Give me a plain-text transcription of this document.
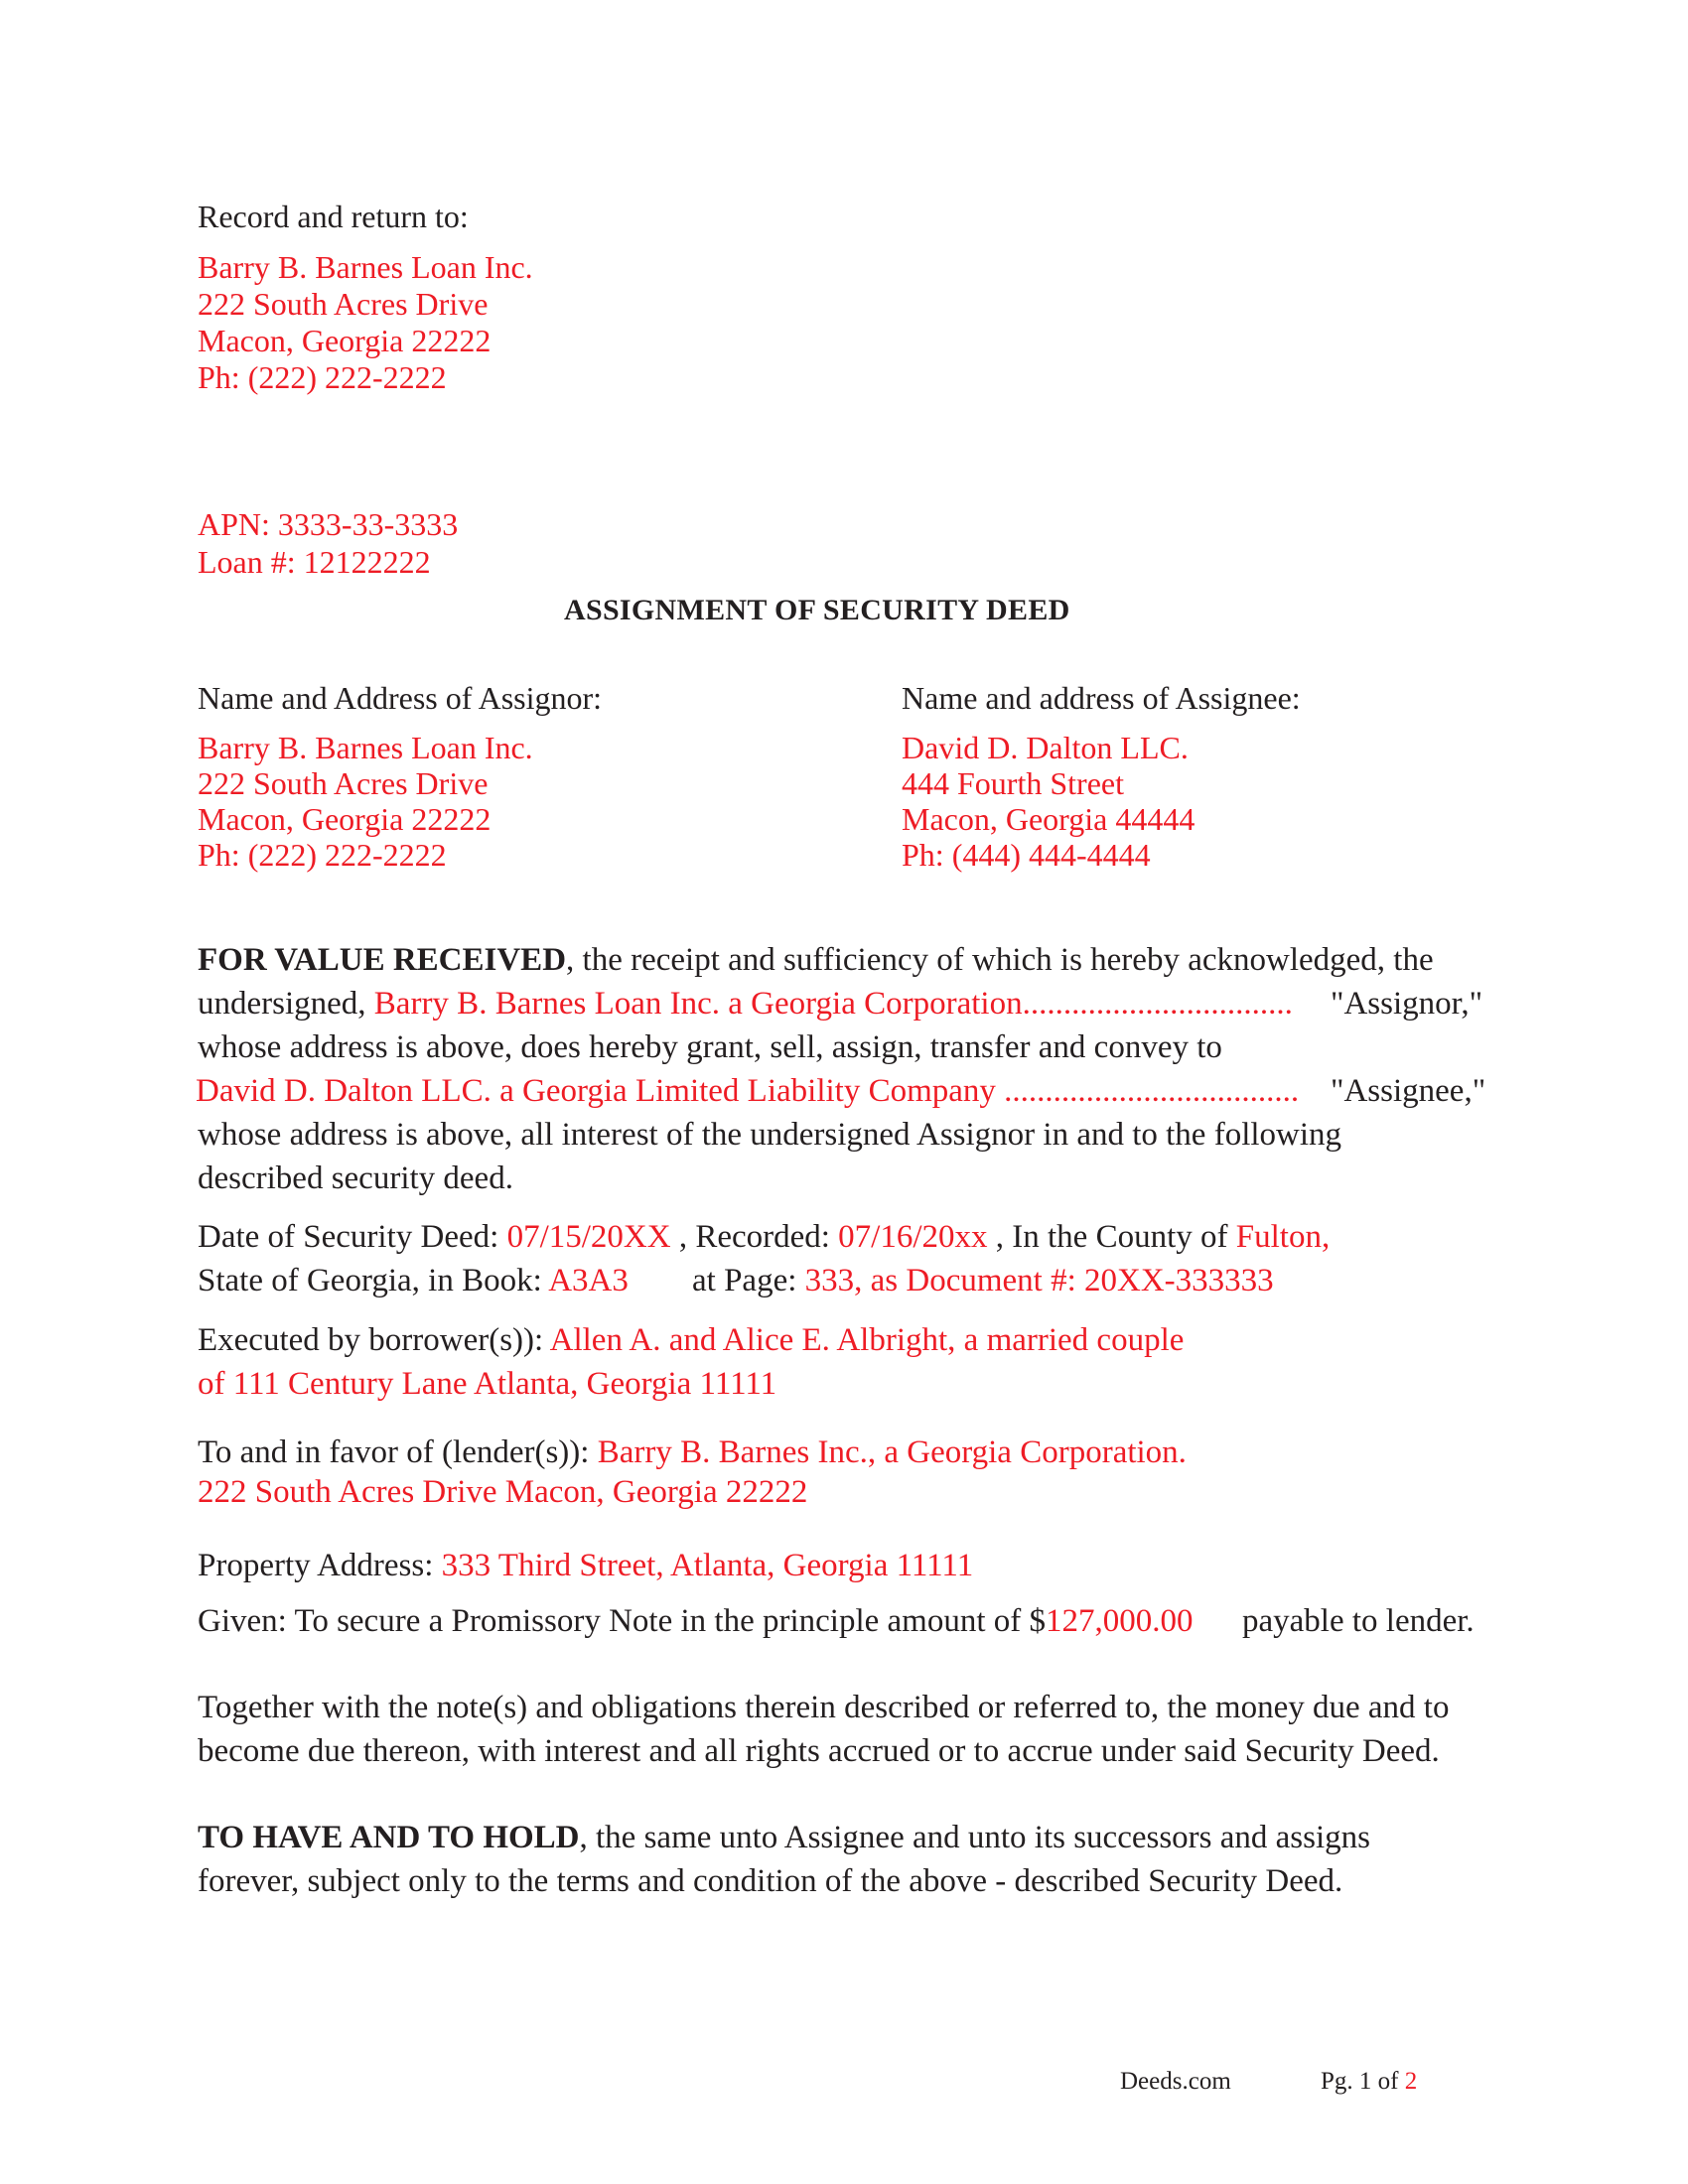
Record and return to:
Barry B. Barnes Loan Inc.
222 South Acres Drive
Macon, Georgia 22222
Ph: (222) 222-2222
APN: 3333-33-3333
Loan #: 12122222
ASSIGNMENT OF SECURITY DEED
Name and Address of Assignor:
Barry B. Barnes Loan Inc.
222 South Acres Drive
Macon, Georgia 22222
Ph: (222) 222-2222
Name and address of Assignee:
David D. Dalton LLC.
444 Fourth Street
Macon, Georgia 44444
Ph: (444) 444-4444
FOR VALUE RECEIVED, the receipt and sufficiency of which is hereby acknowledged, the
undersigned, Barry B. Barnes Loan Inc. a Georgia Corporation................................. "Assignor,"
whose address is above, does hereby grant, sell, assign, transfer and convey to
David D. Dalton LLC. a Georgia Limited Liability Company .................................... "Assignee,"
whose address is above, all interest of the undersigned Assignor in and to the following
described security deed.
Date of Security Deed: 07/15/20XX , Recorded: 07/16/20xx , In the County of Fulton,
State of Georgia, in Book: A3A3 at Page: 333, as Document #: 20XX-333333
Executed by borrower(s)): Allen A. and Alice E. Albright, a married couple
of 111 Century Lane Atlanta, Georgia 11111
To and in favor of (lender(s)): Barry B. Barnes Inc., a Georgia Corporation.
222 South Acres Drive Macon, Georgia 22222
Property Address: 333 Third Street, Atlanta, Georgia 11111
Given: To secure a Promissory Note in the principle amount of $127,000.00 payable to lender.
Together with the note(s) and obligations therein described or referred to, the money due and to
become due thereon, with interest and all rights accrued or to accrue under said Security Deed.
TO HAVE AND TO HOLD, the same unto Assignee and unto its successors and assigns
forever, subject only to the terms and condition of the above - described Security Deed.
Deeds.com	Pg. 1 of 2
